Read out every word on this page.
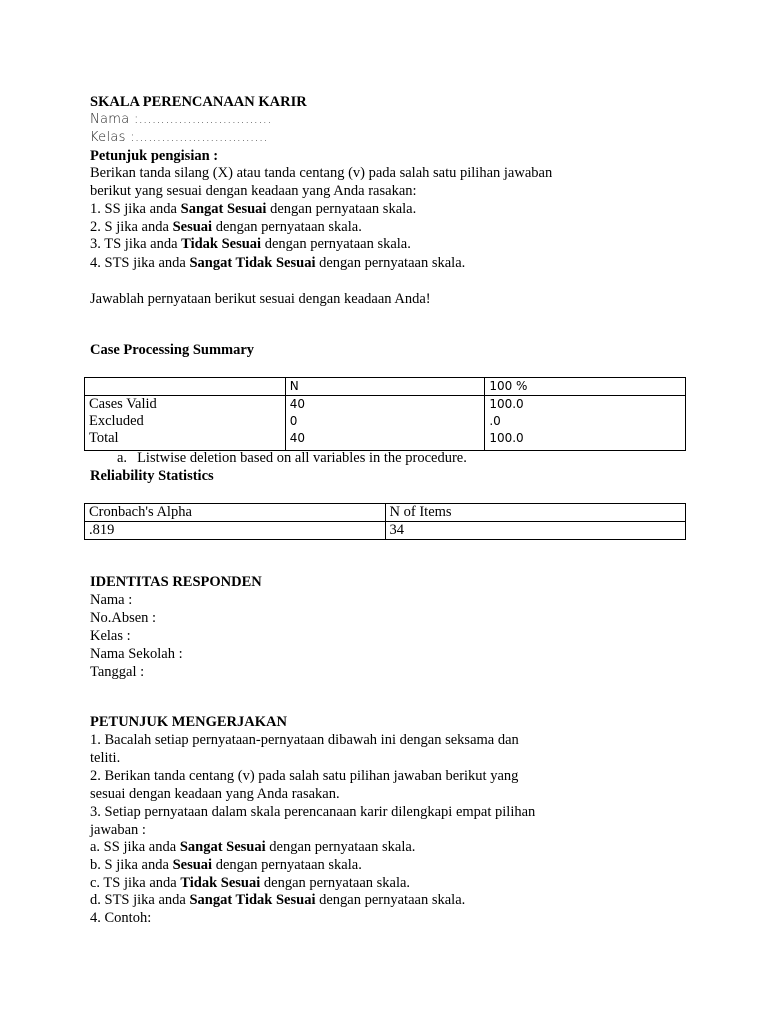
SKALA PERENCANAAN KARIR
Nama :………………………...
Kelas :………………………...
Petunjuk pengisian :
Berikan tanda silang (X) atau tanda centang (v) pada salah satu pilihan jawaban
berikut yang sesuai dengan keadaan yang Anda rasakan:
1. SS jika anda Sangat Sesuai dengan pernyataan skala.
2. S jika anda Sesuai dengan pernyataan skala.
3. TS jika anda Tidak Sesuai dengan pernyataan skala.
4. STS jika anda Sangat Tidak Sesuai dengan pernyataan skala.
Jawablah pernyataan berikut sesuai dengan keadaan Anda!
Case Processing Summary
	N	100 %
Cases Valid	40	100.0
Excluded	0	.0
Total	40	100.0
a. Listwise deletion based on all variables in the procedure.
Reliability Statistics
Cronbach's Alpha	N of Items
.819	34
IDENTITAS RESPONDEN
Nama :
No.Absen :
Kelas :
Nama Sekolah :
Tanggal :
PETUNJUK MENGERJAKAN
1. Bacalah setiap pernyataan-pernyataan dibawah ini dengan seksama dan
teliti.
2. Berikan tanda centang (v) pada salah satu pilihan jawaban berikut yang
sesuai dengan keadaan yang Anda rasakan.
3. Setiap pernyataan dalam skala perencanaan karir dilengkapi empat pilihan
jawaban :
a. SS jika anda Sangat Sesuai dengan pernyataan skala.
b. S jika anda Sesuai dengan pernyataan skala.
c. TS jika anda Tidak Sesuai dengan pernyataan skala.
d. STS jika anda Sangat Tidak Sesuai dengan pernyataan skala.
4. Contoh:
